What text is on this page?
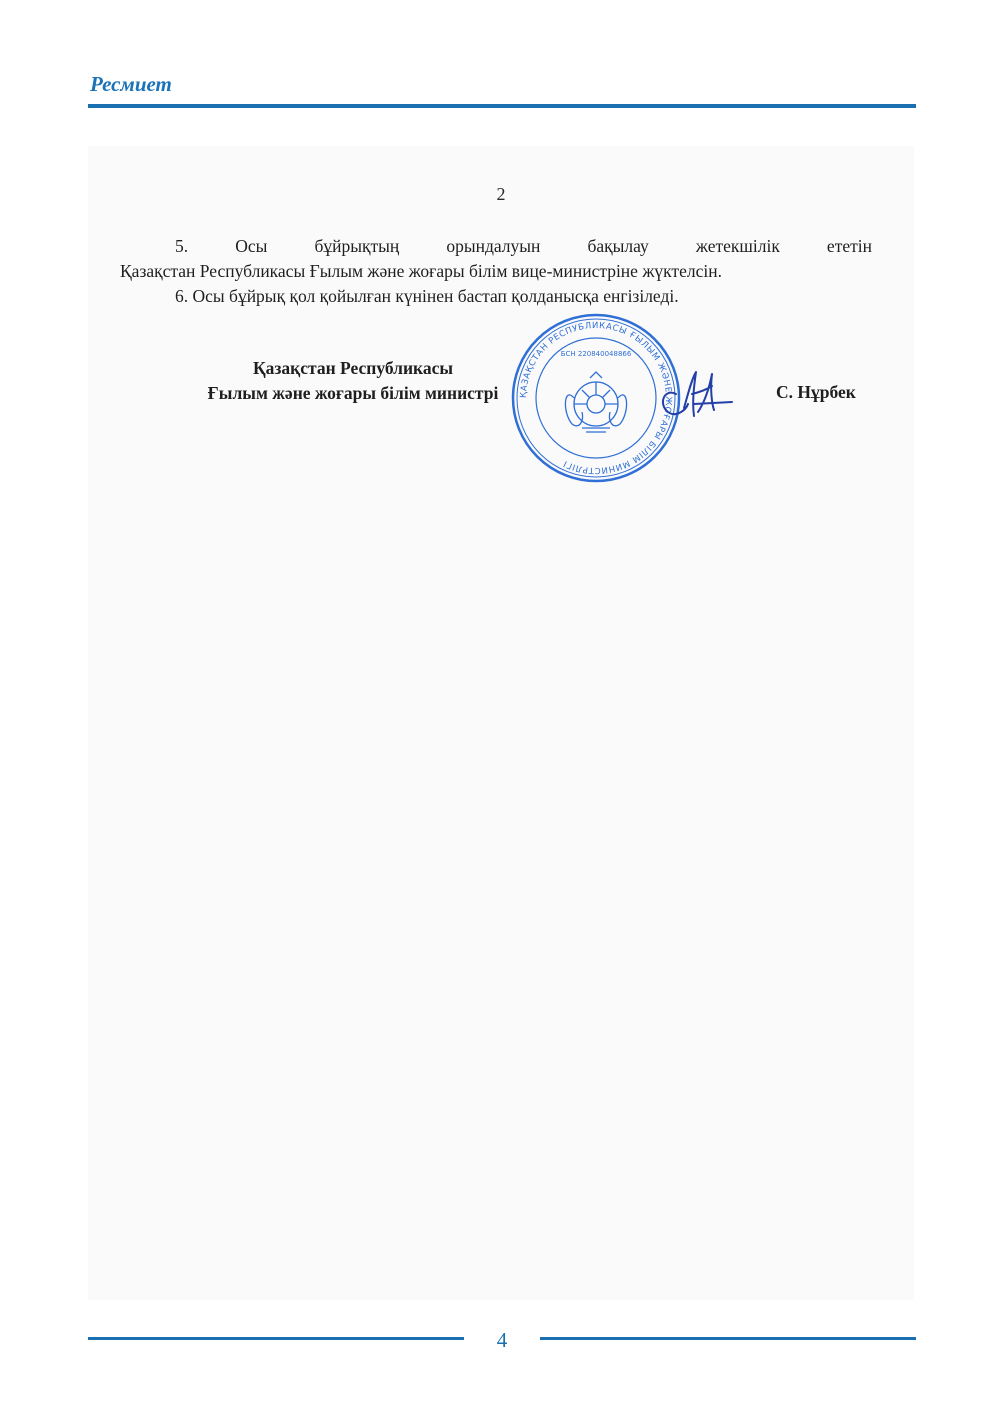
Ресмиет
2
5. Осы бұйрықтың орындалуын бақылау жетекшілік ететін
Қазақстан Республикасы Ғылым және жоғары білім вице-министріне жүктелсін.
6. Осы бұйрық қол қойылған күнінен бастап қолданысқа енгізіледі.
Қазақстан Республикасы
Ғылым және жоғары білім министрі	ҚАЗАҚСТАН РЕСПУБЛИКАСЫ ҒЫЛЫМ ЖӘНЕ ЖОҒАРЫ БІЛІМ МИНИСТРЛІГІ
БСН 220840048866
С. Нұрбек
4
